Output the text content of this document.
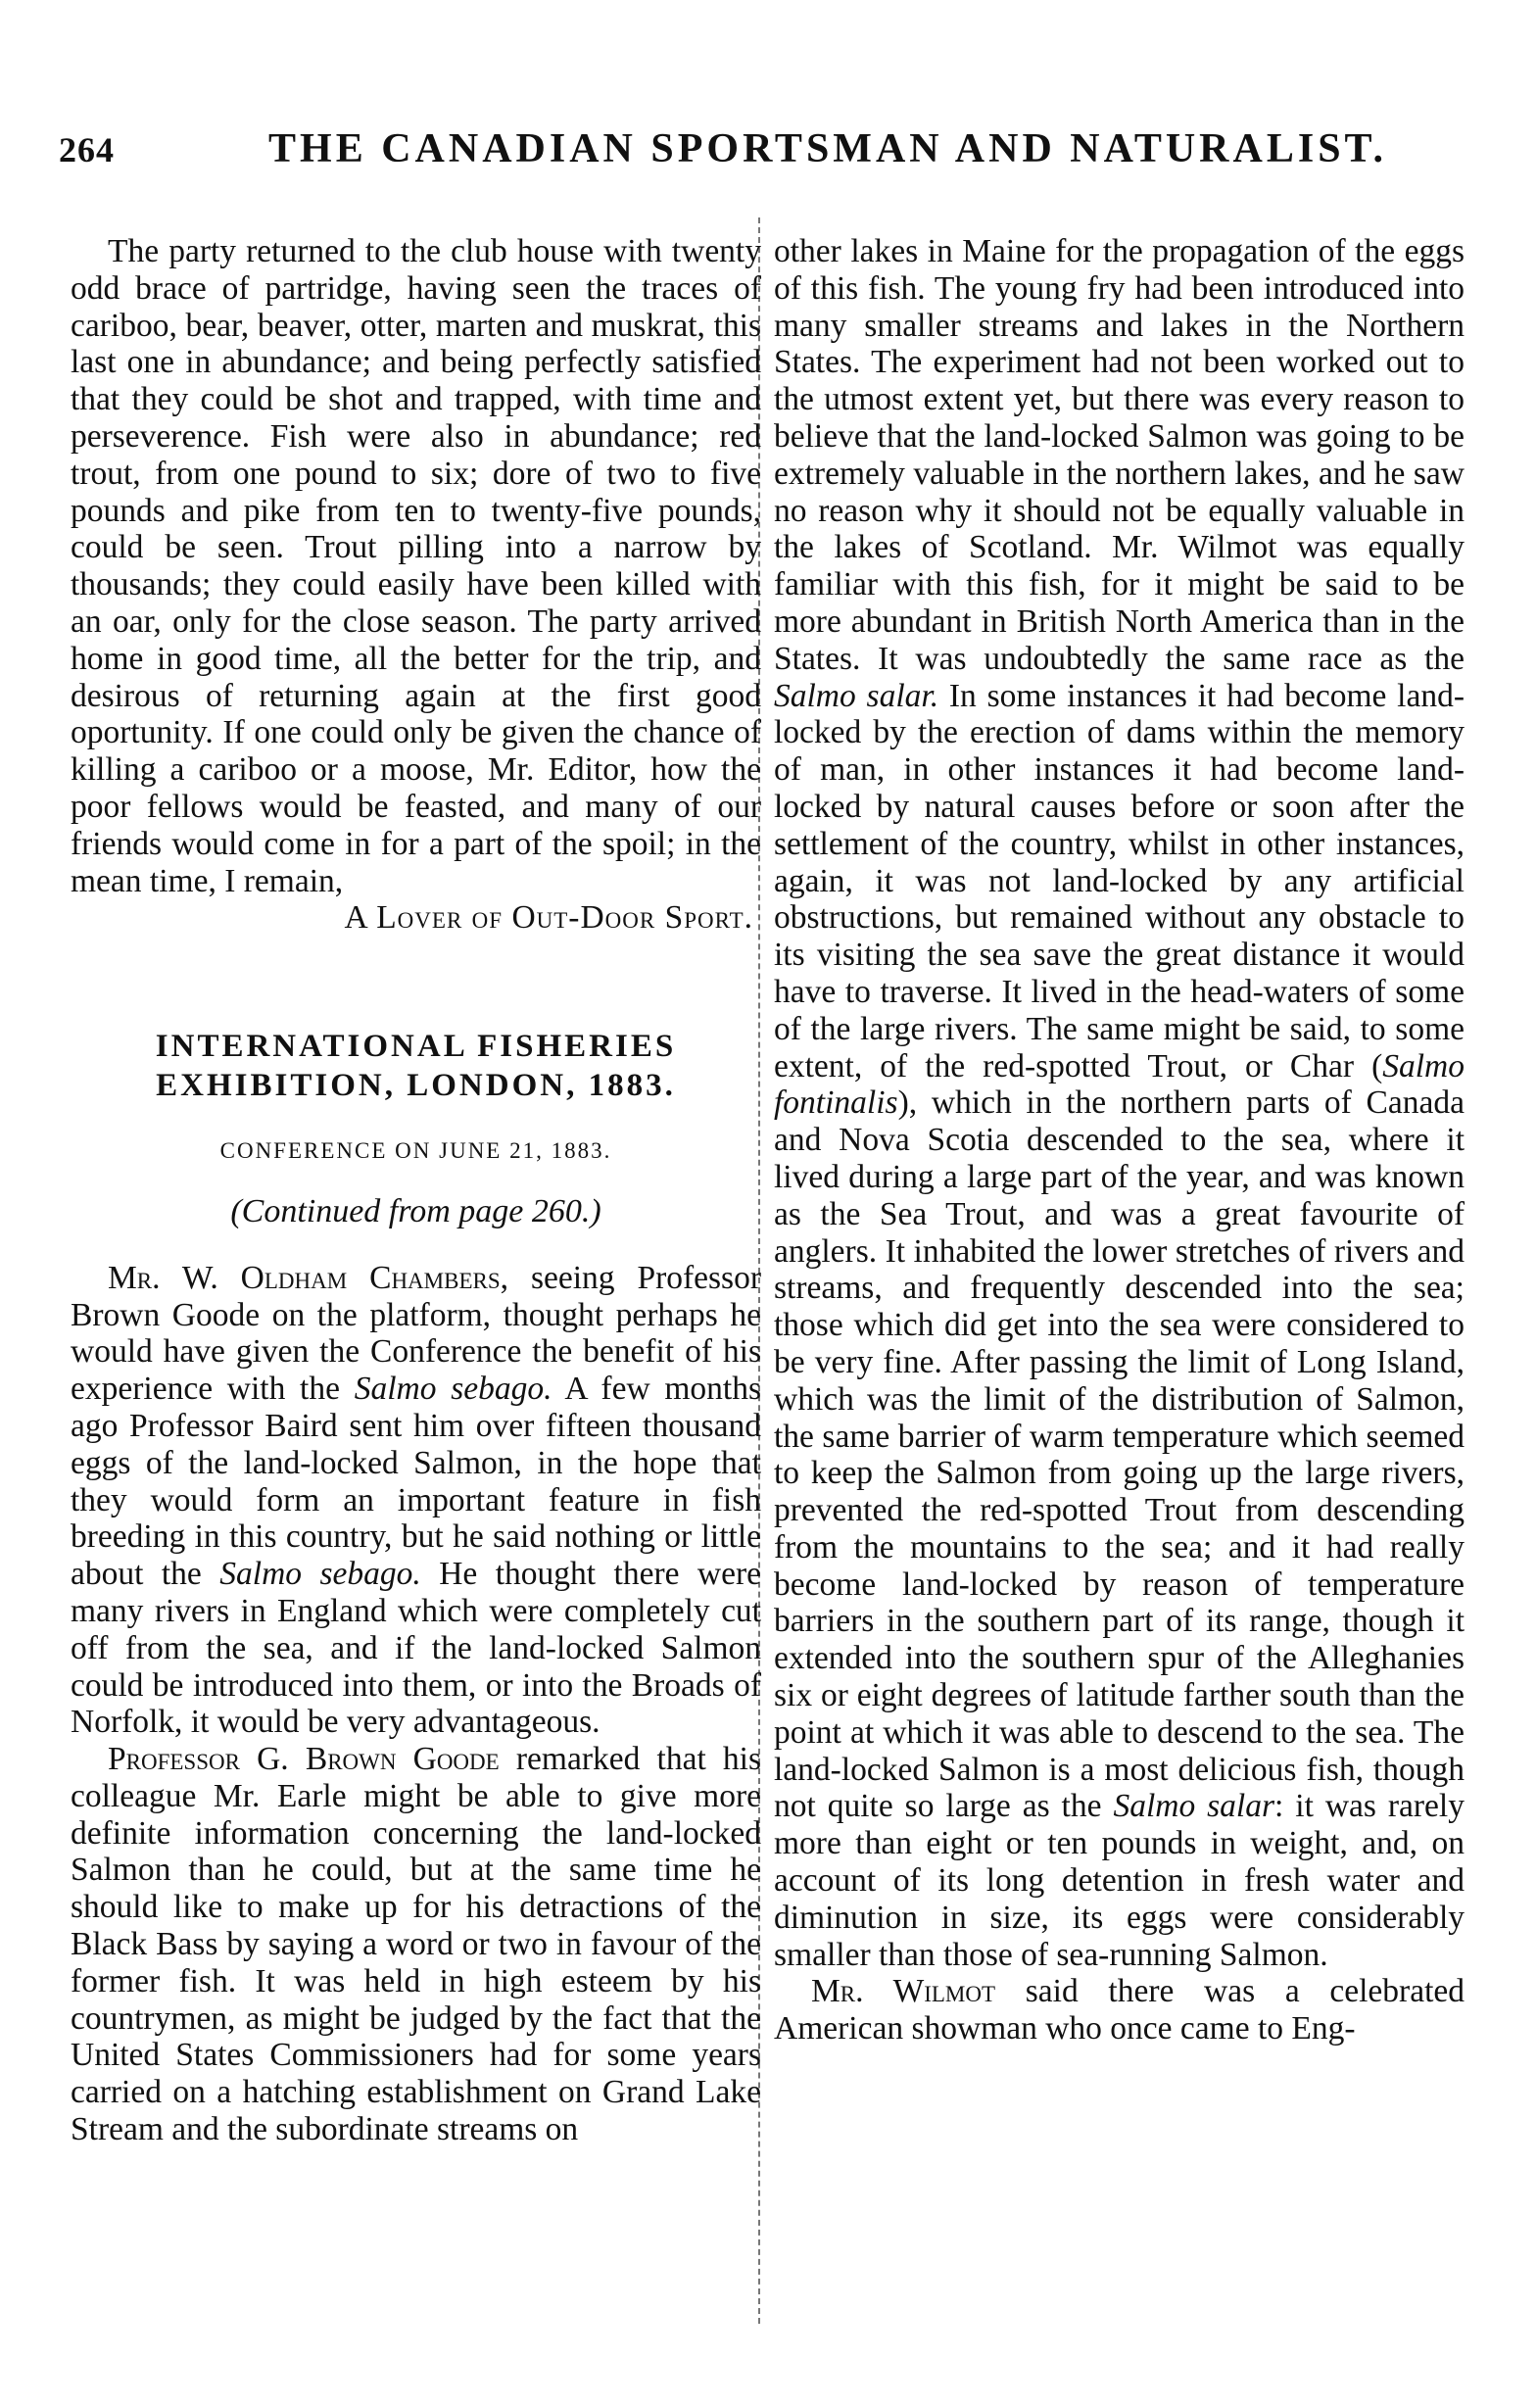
264	THE CANADIAN SPORTSMAN AND NATURALIST.

The party returned to the club house with twenty odd brace of partridge, having seen the traces of cariboo, bear, beaver, otter, marten and muskrat, this last one in abundance; and being perfectly satisfied that they could be shot and trapped, with time and perseverence. Fish were also in abundance; red trout, from one pound to six; dore of two to five pounds and pike from ten to twenty-five pounds, could be seen. Trout pilling into a narrow by thousands; they could easily have been killed with an oar, only for the close season. The party arrived home in good time, all the better for the trip, and desirous of returning again at the first good oportunity. If one could only be given the chance of killing a cariboo or a moose, Mr. Editor, how the poor fellows would be feasted, and many of our friends would come in for a part of the spoil; in the mean time, I remain,

A Lover of Out-Door Sport.
INTERNATIONAL FISHERIES EXHIBITION, LONDON, 1883.
CONFERENCE ON JUNE 21, 1883.
(Continued from page 260.)

Mr. W. Oldham Chambers, seeing Professor Brown Goode on the platform, thought perhaps he would have given the Conference the benefit of his experience with the Salmo sebago. A few months ago Professor Baird sent him over fifteen thousand eggs of the land-locked Salmon, in the hope that they would form an important feature in fish breeding in this country, but he said nothing or little about the Salmo sebago. He thought there were many rivers in England which were completely cut off from the sea, and if the land-locked Salmon could be introduced into them, or into the Broads of Norfolk, it would be very advantageous.

Professor G. Brown Goode remarked that his colleague Mr. Earle might be able to give more definite information concerning the land-locked Salmon than he could, but at the same time he should like to make up for his detractions of the Black Bass by saying a word or two in favour of the former fish. It was held in high esteem by his countrymen, as might be judged by the fact that the United States Commissioners had for some years carried on a hatching establishment on Grand Lake Stream and the subordinate streams on

other lakes in Maine for the propagation of the eggs of this fish. The young fry had been introduced into many smaller streams and lakes in the Northern States. The experiment had not been worked out to the utmost extent yet, but there was every reason to believe that the land-locked Salmon was going to be extremely valuable in the northern lakes, and he saw no reason why it should not be equally valuable in the lakes of Scotland. Mr. Wilmot was equally familiar with this fish, for it might be said to be more abundant in British North America than in the States. It was undoubtedly the same race as the Salmo salar. In some instances it had become land-locked by the erection of dams within the memory of man, in other instances it had become land-locked by natural causes before or soon after the settlement of the country, whilst in other instances, again, it was not land-locked by any artificial obstructions, but remained without any obstacle to its visiting the sea save the great distance it would have to traverse. It lived in the head-waters of some of the large rivers. The same might be said, to some extent, of the red-spotted Trout, or Char (Salmo fontinalis), which in the northern parts of Canada and Nova Scotia descended to the sea, where it lived during a large part of the year, and was known as the Sea Trout, and was a great favourite of anglers. It inhabited the lower stretches of rivers and streams, and frequently descended into the sea; those which did get into the sea were considered to be very fine. After passing the limit of Long Island, which was the limit of the distribution of Salmon, the same barrier of warm temperature which seemed to keep the Salmon from going up the large rivers, prevented the red-spotted Trout from descending from the mountains to the sea; and it had really become land-locked by reason of temperature barriers in the southern part of its range, though it extended into the southern spur of the Alleghanies six or eight degrees of latitude farther south than the point at which it was able to descend to the sea. The land-locked Salmon is a most delicious fish, though not quite so large as the Salmo salar: it was rarely more than eight or ten pounds in weight, and, on account of its long detention in fresh water and diminution in size, its eggs were considerably smaller than those of sea-running Salmon.

Mr. Wilmot said there was a celebrated American showman who once came to Eng-
